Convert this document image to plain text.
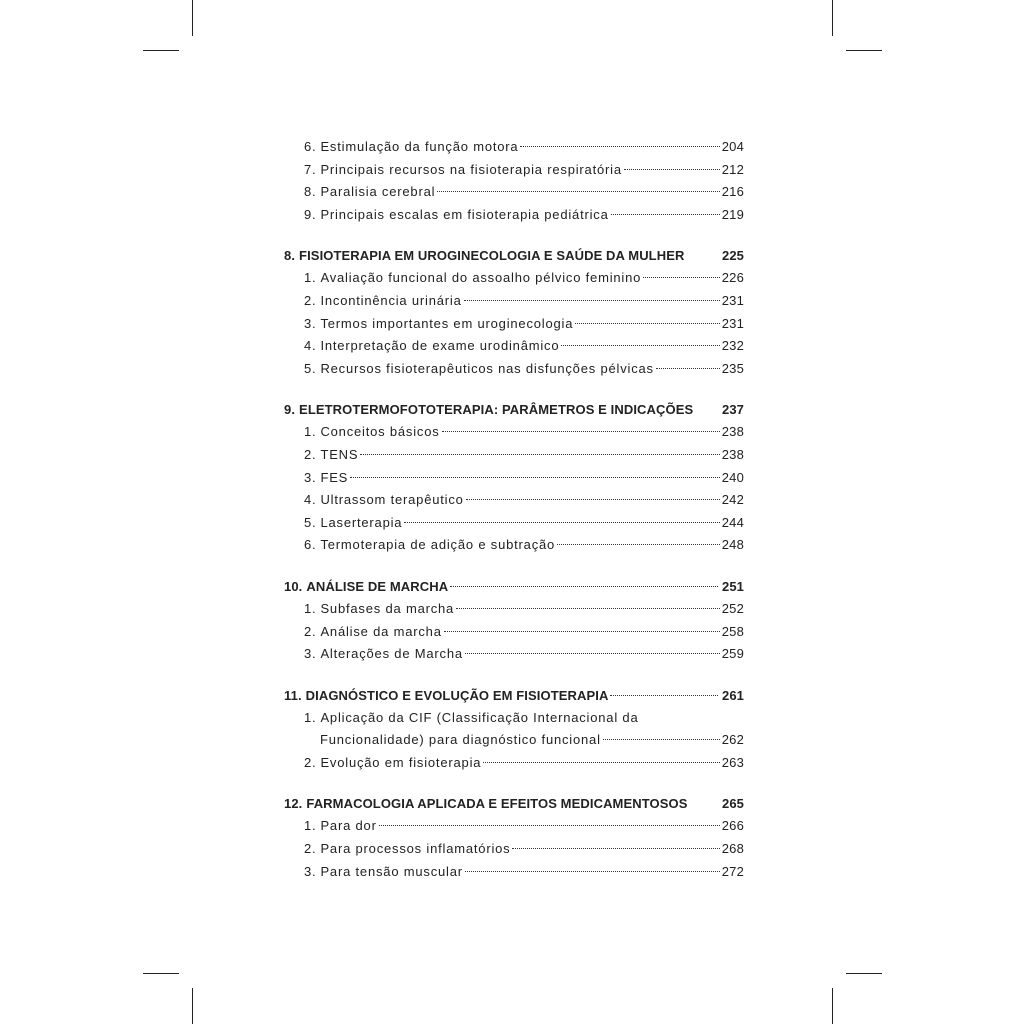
6. Estimulação da função motora	204
7. Principais recursos na fisioterapia respiratória	212
8. Paralisia cerebral	216
9. Principais escalas em fisioterapia pediátrica	219
8. FISIOTERAPIA EM UROGINECOLOGIA E SAÚDE DA MULHER	225
1. Avaliação funcional do assoalho pélvico feminino	226
2. Incontinência urinária	231
3. Termos importantes em uroginecologia	231
4. Interpretação de exame urodinâmico	232
5. Recursos fisioterapêuticos nas disfunções pélvicas	235
9. ELETROTERMOFOTOTERAPIA: PARÂMETROS E INDICAÇÕES 237
1. Conceitos básicos	238
2. TENS	238
3. FES	240
4. Ultrassom terapêutico	242
5. Laserterapia	244
6. Termoterapia de adição e subtração	248
10. ANÁLISE DE MARCHA	251
1. Subfases da marcha	252
2. Análise da marcha	258
3. Alterações de Marcha	259
11. DIAGNÓSTICO E EVOLUÇÃO EM FISIOTERAPIA	261
1. Aplicação da CIF (Classificação Internacional da
Funcionalidade) para diagnóstico funcional	262
2. Evolução em fisioterapia	263
12. FARMACOLOGIA APLICADA E EFEITOS MEDICAMENTOSOS	265
1. Para dor	266
2. Para processos inflamatórios	268
3. Para tensão muscular	272
